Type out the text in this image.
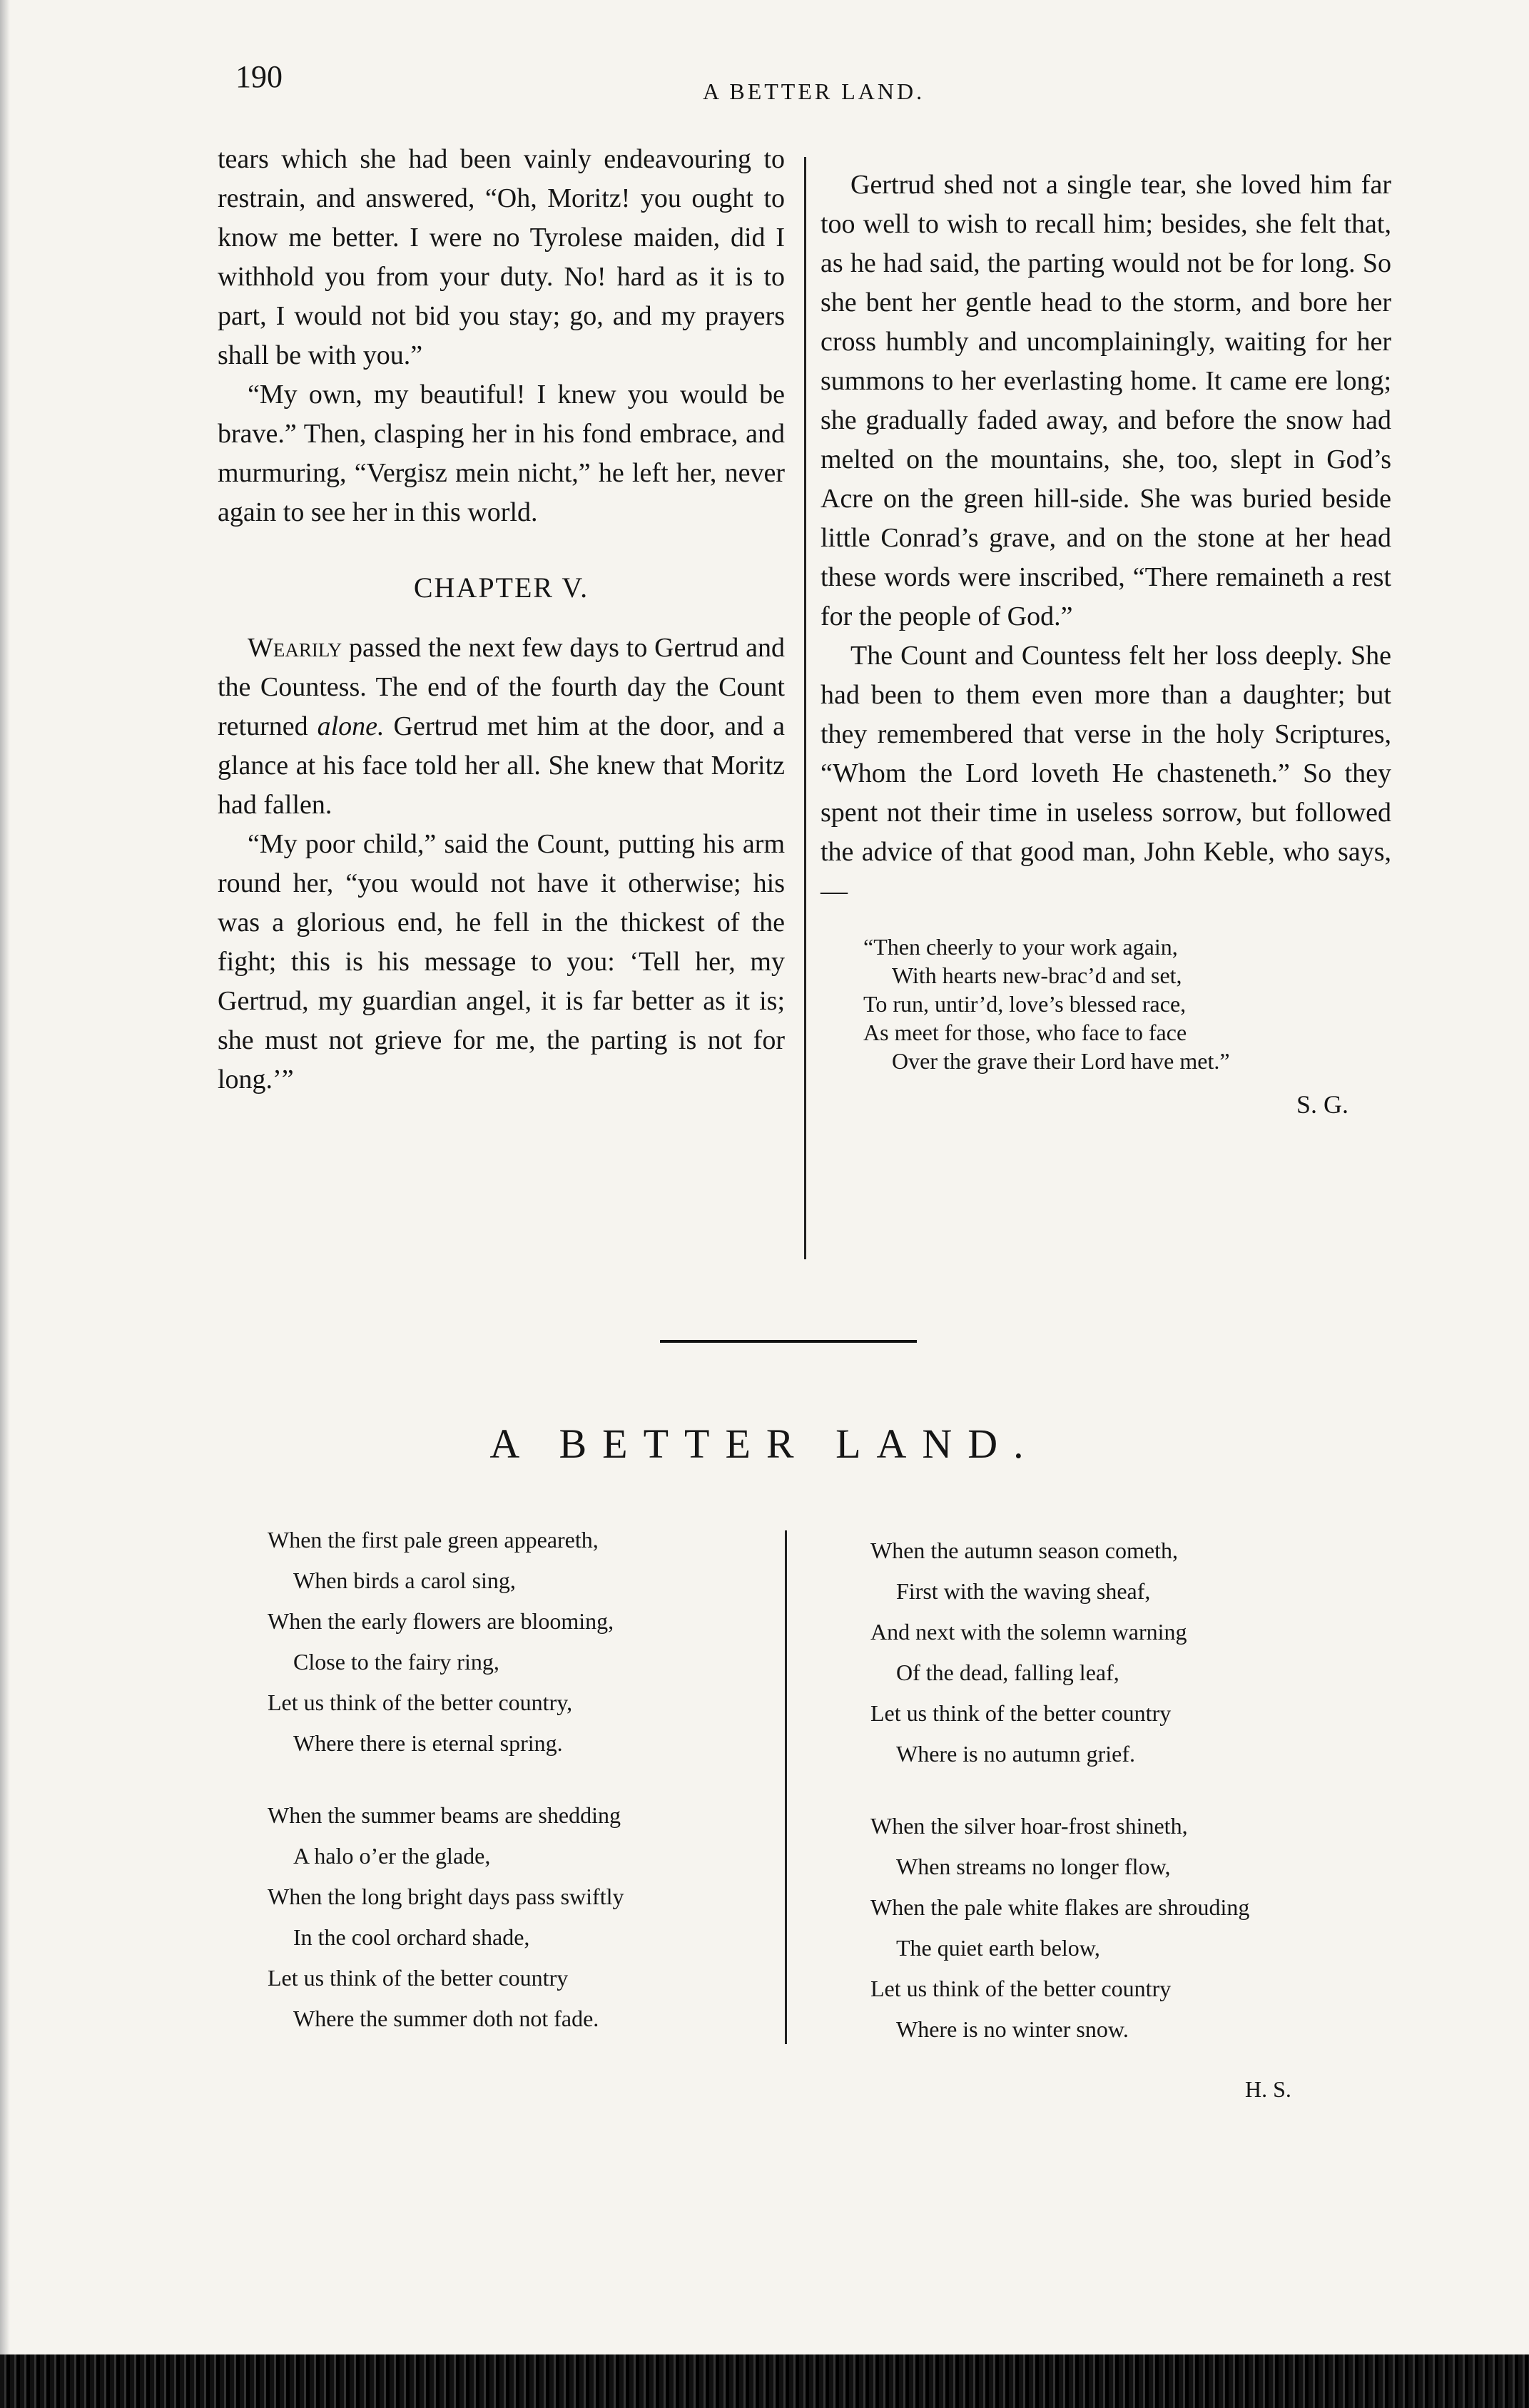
190	A BETTER LAND.

tears which she had been vainly endeavouring to restrain, and answered, “Oh, Moritz! you ought to know me better. I were no Tyrolese maiden, did I withhold you from your duty. No! hard as it is to part, I would not bid you stay; go, and my prayers shall be with you.”

“My own, my beautiful! I knew you would be brave.” Then, clasping her in his fond embrace, and murmuring, “Vergisz mein nicht,” he left her, never again to see her in this world.

CHAPTER V.

Wearily passed the next few days to Gertrud and the Countess. The end of the fourth day the Count returned alone. Gertrud met him at the door, and a glance at his face told her all. She knew that Moritz had fallen.

“My poor child,” said the Count, putting his arm round her, “you would not have it otherwise; his was a glorious end, he fell in the thickest of the fight; this is his message to you: ‘Tell her, my Gertrud, my guardian angel, it is far better as it is; she must not grieve for me, the parting is not for long.’”

Gertrud shed not a single tear, she loved him far too well to wish to recall him; besides, she felt that, as he had said, the parting would not be for long. So she bent her gentle head to the storm, and bore her cross humbly and uncomplainingly, waiting for her summons to her everlasting home. It came ere long; she gradually faded away, and before the snow had melted on the mountains, she, too, slept in God’s Acre on the green hill-side. She was buried beside little Conrad’s grave, and on the stone at her head these words were inscribed, “There remaineth a rest for the people of God.”

The Count and Countess felt her loss deeply. She had been to them even more than a daughter; but they remembered that verse in the holy Scriptures, “Whom the Lord loveth He chasteneth.” So they spent not their time in useless sorrow, but followed the advice of that good man, John Keble, who says,—

“Then cheerly to your work again,
With hearts new-brac’d and set,
To run, untir’d, love’s blessed race,
As meet for those, who face to face
Over the grave their Lord have met.”
S. G.
A BETTER LAND.
When the first pale green appeareth,
When birds a carol sing,
When the early flowers are blooming,
Close to the fairy ring,
Let us think of the better country,
Where there is eternal spring.
When the summer beams are shedding
A halo o’er the glade,
When the long bright days pass swiftly
In the cool orchard shade,
Let us think of the better country
Where the summer doth not fade.
When the autumn season cometh,
First with the waving sheaf,
And next with the solemn warning
Of the dead, falling leaf,
Let us think of the better country
Where is no autumn grief.
When the silver hoar-frost shineth,
When streams no longer flow,
When the pale white flakes are shrouding
The quiet earth below,
Let us think of the better country
Where is no winter snow.
H. S.
